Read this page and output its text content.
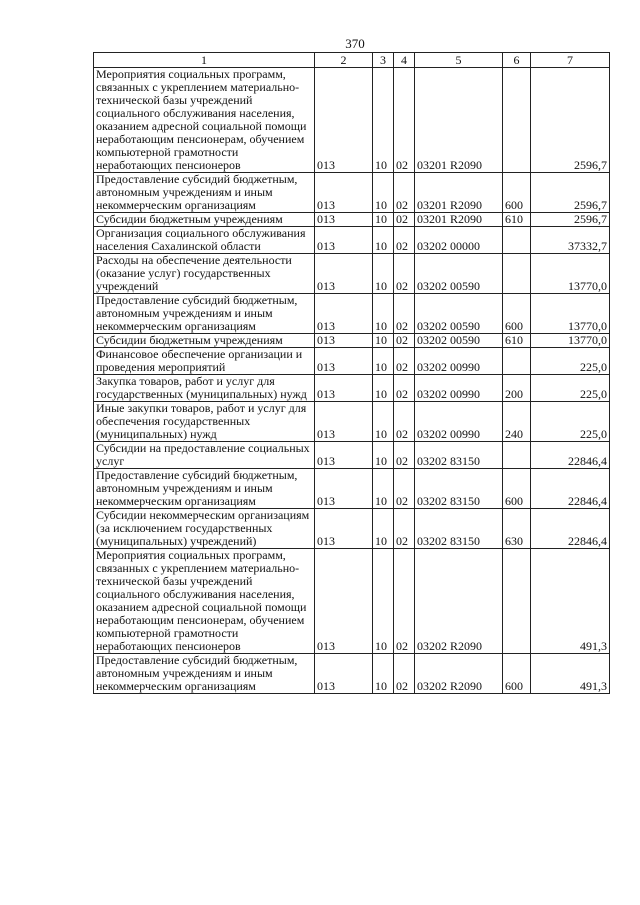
370
1	2	3	4	5	6	7
Мероприятия социальных программ, связанных с укреплением материально-технической базы учреждений социального обслуживания населения, оказанием адресной социальной помощи неработающим пенсионерам, обучением компьютерной грамотности неработающих пенсионеров	013	10	02	03201 R2090		2596,7
Предоставление субсидий бюджетным, автономным учреждениям и иным некоммерческим организациям	013	10	02	03201 R2090	600	2596,7
Субсидии бюджетным учреждениям	013	10	02	03201 R2090	610	2596,7
Организация социального обслуживания населения Сахалинской области	013	10	02	03202 00000		37332,7
Расходы на обеспечение деятельности (оказание услуг) государственных учреждений	013	10	02	03202 00590		13770,0
Предоставление субсидий бюджетным, автономным учреждениям и иным некоммерческим организациям	013	10	02	03202 00590	600	13770,0
Субсидии бюджетным учреждениям	013	10	02	03202 00590	610	13770,0
Финансовое обеспечение организации и проведения мероприятий	013	10	02	03202 00990		225,0
Закупка товаров, работ и услуг для государственных (муниципальных) нужд	013	10	02	03202 00990	200	225,0
Иные закупки товаров, работ и услуг для обеспечения государственных (муниципальных) нужд	013	10	02	03202 00990	240	225,0
Субсидии на предоставление социальных услуг	013	10	02	03202 83150		22846,4
Предоставление субсидий бюджетным, автономным учреждениям и иным некоммерческим организациям	013	10	02	03202 83150	600	22846,4
Субсидии некоммерческим организациям (за исключением государственных (муниципальных) учреждений)	013	10	02	03202 83150	630	22846,4
Мероприятия социальных программ, связанных с укреплением материально-технической базы учреждений социального обслуживания населения, оказанием адресной социальной помощи неработающим пенсионерам, обучением компьютерной грамотности неработающих пенсионеров	013	10	02	03202 R2090		491,3
Предоставление субсидий бюджетным, автономным учреждениям и иным некоммерческим организациям	013	10	02	03202 R2090	600	491,3
